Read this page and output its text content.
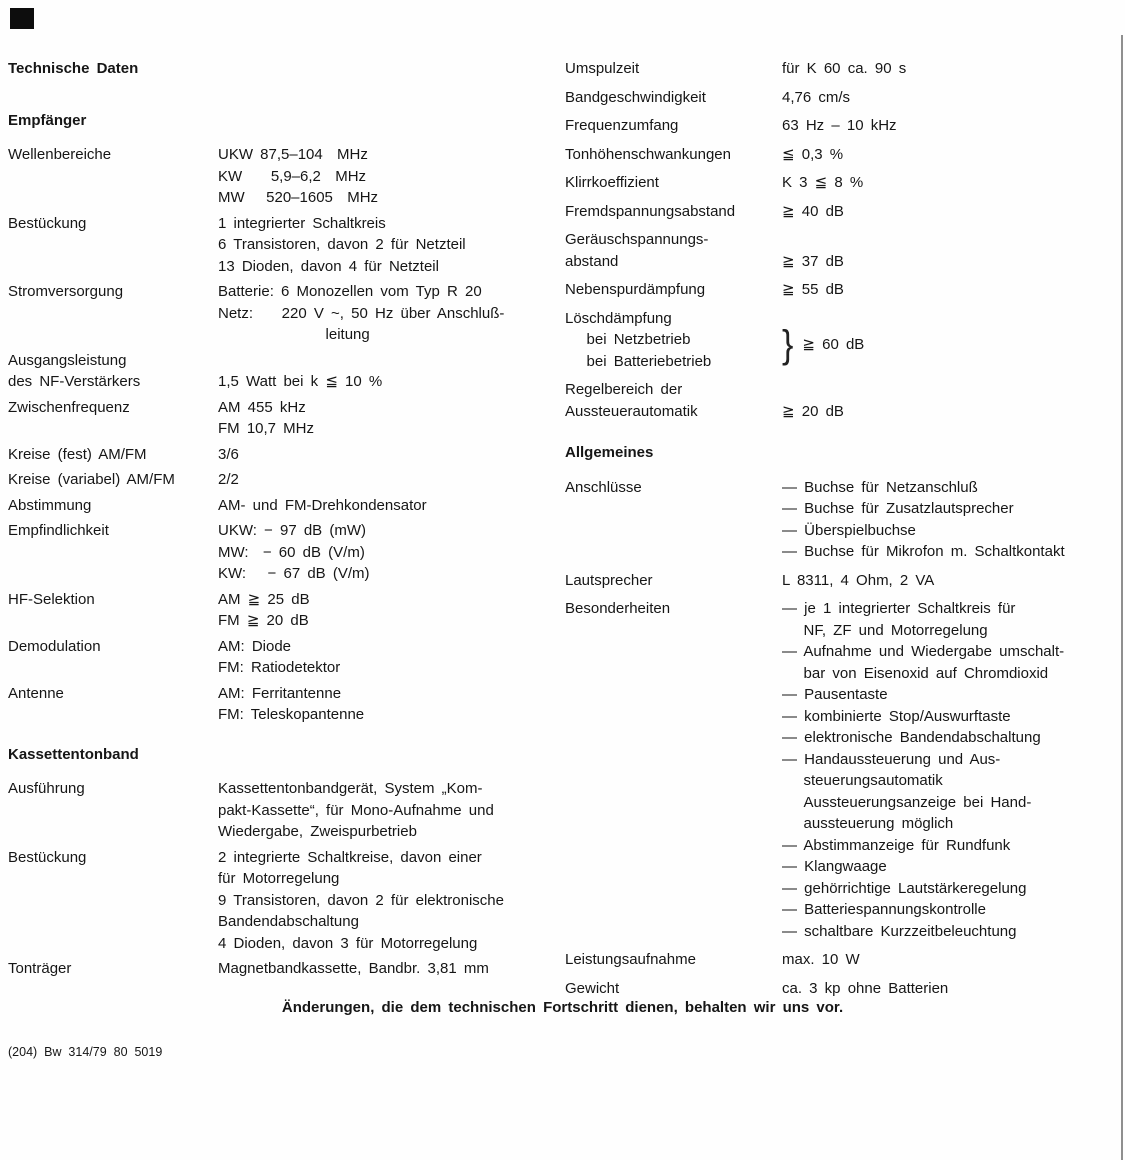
Technische Daten
Empfänger
Wellenbereiche	UKW 87,5–104  MHz
KW    5,9–6,2  MHz
MW   520–1605  MHz
Bestückung	1 integrierter Schaltkreis
6 Transistoren, davon 2 für Netzteil
13 Dioden, davon 4 für Netzteil
Stromversorgung	Batterie: 6 Monozellen vom Typ R 20
Netz:    220 V ~, 50 Hz über Anschluß-
leitung
Ausgangsleistung
des NF-Verstärkers
	1,5 Watt bei k ≦ 10 %
Zwischenfrequenz	AM 455 kHz
FM 10,7 MHz
Kreise (fest) AM/FM	3/6
Kreise (variabel) AM/FM	2/2
Abstimmung	AM- und FM-Drehkondensator
Empfindlichkeit	UKW: − 97 dB (mW)
MW:  − 60 dB (V/m)
KW:   − 67 dB (V/m)
HF-Selektion	AM ≧ 25 dB
FM ≧ 20 dB
Demodulation	AM: Diode
FM: Ratiodetektor
Antenne	AM: Ferritantenne
FM: Teleskopantenne
Kassettentonband
Ausführung	Kassettentonbandgerät, System „Kom-
pakt-Kassette“, für Mono-Aufnahme und
Wiedergabe, Zweispurbetrieb
Bestückung	2 integrierte Schaltkreise, davon einer
für Motorregelung
9 Transistoren, davon 2 für elektronische
Bandendabschaltung
4 Dioden, davon 3 für Motorregelung
Tonträger	Magnetbandkassette, Bandbr. 3,81 mm
Umspulzeit	für K 60 ca. 90 s
Bandgeschwindigkeit	4,76 cm/s
Frequenzumfang	63 Hz – 10 kHz
Tonhöhenschwankungen	≦ 0,3 %
Klirrkoeffizient	K 3 ≦ 8 %
Fremdspannungsabstand	≧ 40 dB
Geräuschspannungs-
abstand
	≧ 37 dB
Nebenspurdämpfung	≧ 55 dB
Löschdämpfung
bei Netzbetrieb
bei Batteriebetrieb	} ≧ 60 dB
Regelbereich der
Aussteuerautomatik
	≧ 20 dB
Allgemeines
Anschlüsse	— Buchse für Netzanschluß
— Buchse für Zusatzlautsprecher
— Überspielbuchse
— Buchse für Mikrofon m. Schaltkontakt
Lautsprecher	L 8311, 4 Ohm, 2 VA
Besonderheiten	— je 1 integrierter Schaltkreis für
NF, ZF und Motorregelung
— Aufnahme und Wiedergabe umschalt-
bar von Eisenoxid auf Chromdioxid
— Pausentaste
— kombinierte Stop/Auswurftaste
— elektronische Bandendabschaltung
— Handaussteuerung und Aus-
steuerungsautomatik
Aussteuerungsanzeige bei Hand-
aussteuerung möglich
— Abstimmanzeige für Rundfunk
— Klangwaage
— gehörrichtige Lautstärkeregelung
— Batteriespannungskontrolle
— schaltbare Kurzzeitbeleuchtung
Leistungsaufnahme	max. 10 W
Gewicht	ca. 3 kp ohne Batterien
Änderungen, die dem technischen Fortschritt dienen, behalten wir uns vor.
(204)  Bw  314/79  80  5019
